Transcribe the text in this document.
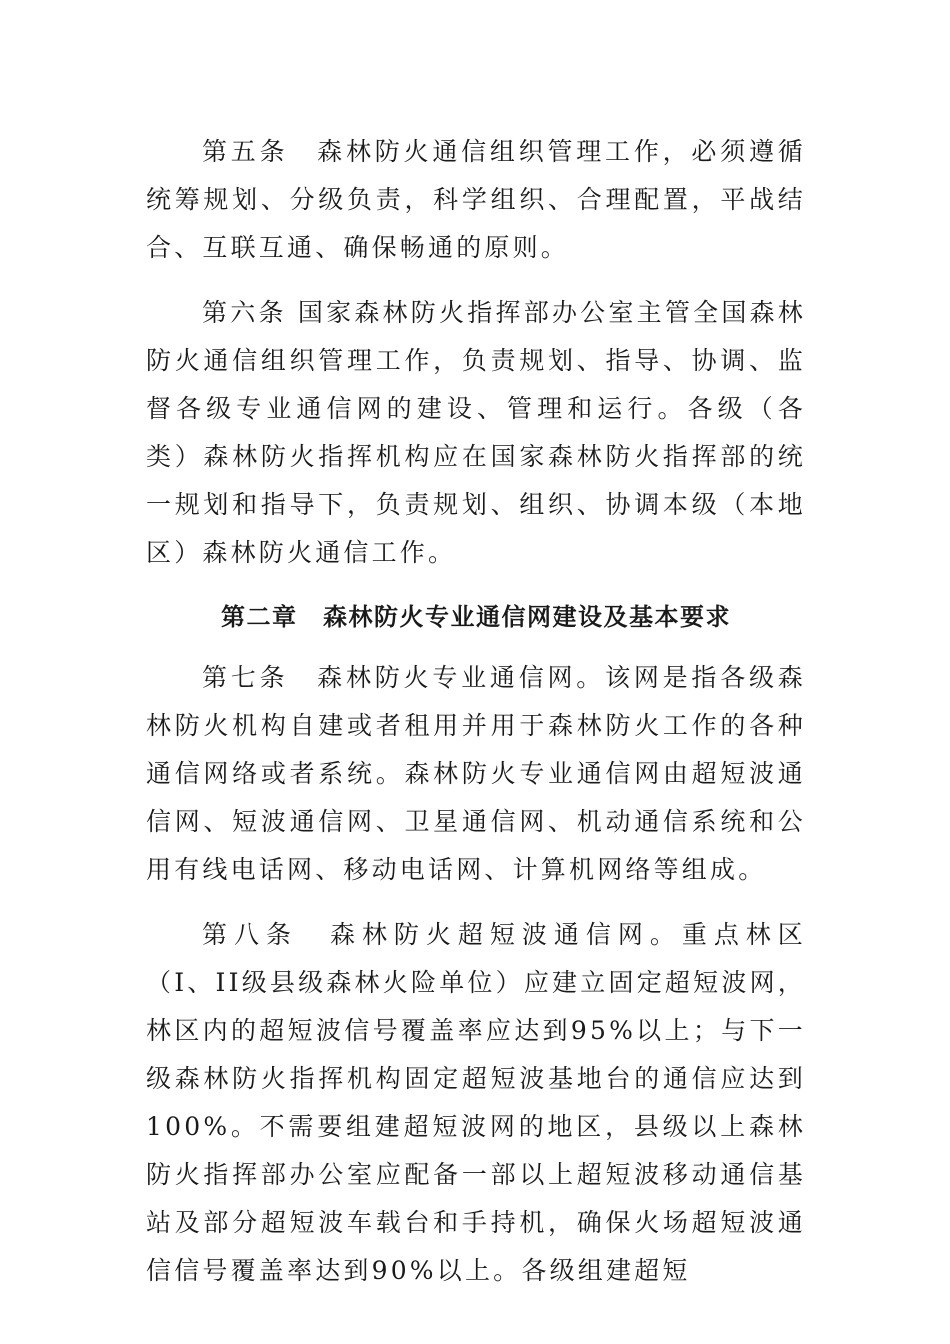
第五条　森林防火通信组织管理工作，必须遵循统筹规划、分级负责，科学组织、合理配置，平战结合、互联互通、确保畅通的原则。

第六条 国家森林防火指挥部办公室主管全国森林防火通信组织管理工作，负责规划、指导、协调、监督各级专业通信网的建设、管理和运行。各级（各类）森林防火指挥机构应在国家森林防火指挥部的统一规划和指导下，负责规划、组织、协调本级（本地区）森林防火通信工作。

第二章　森林防火专业通信网建设及基本要求

第七条　森林防火专业通信网。该网是指各级森林防火机构自建或者租用并用于森林防火工作的各种通信网络或者系统。森林防火专业通信网由超短波通信网、短波通信网、卫星通信网、机动通信系统和公用有线电话网、移动电话网、计算机网络等组成。

第八条　森林防火超短波通信网。重点林区（I、II级县级森林火险单位）应建立固定超短波网，林区内的超短波信号覆盖率应达到95%以上；与下一级森林防火指挥机构固定超短波基地台的通信应达到100%。不需要组建超短波网的地区，县级以上森林防火指挥部办公室应配备一部以上超短波移动通信基站及部分超短波车载台和手持机，确保火场超短波通信信号覆盖率达到90%以上。各级组建超短
